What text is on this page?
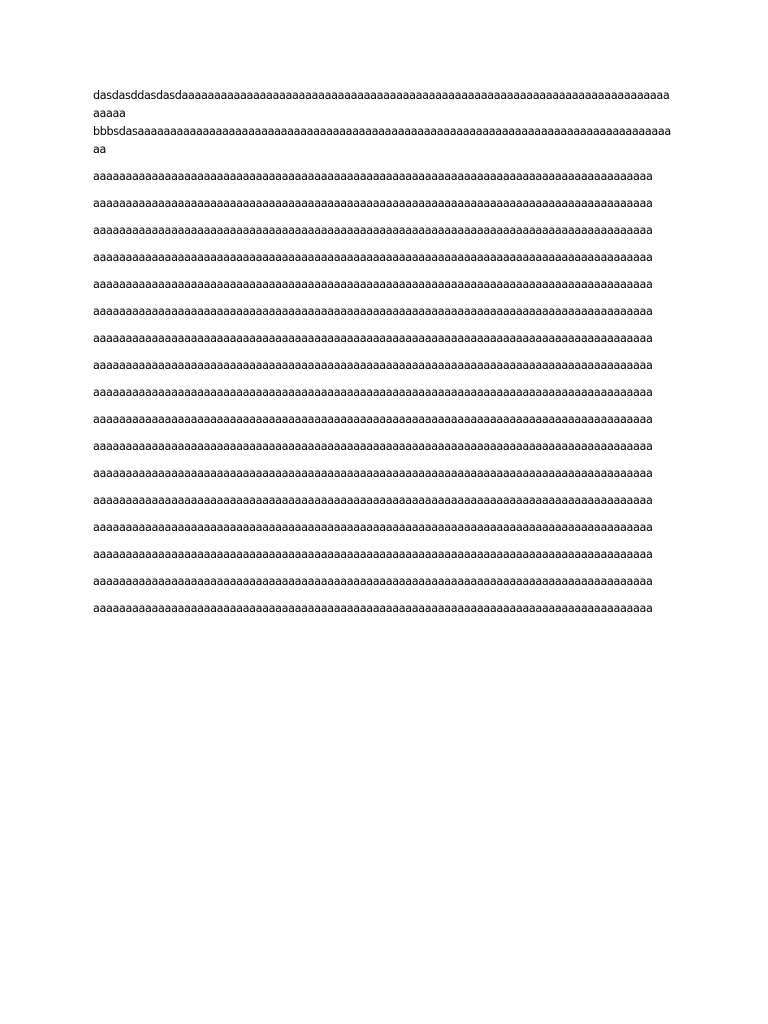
dasdasddasdasdaaaaaaaaaaaaaaaaaaaaaaaaaaaaaaaaaaaaaaaaaaaaaaaaaaaaaaaaaaaaaaaaaaaaaaaaaaaaaaaa

bbbsdasaaaaaaaaaaaaaaaaaaaaaaaaaaaaaaaaaaaaaaaaaaaaaaaaaaaaaaaaaaaaaaaaaaaaaaaaaaaaaaaaaaaa

aaaaaaaaaaaaaaaaaaaaaaaaaaaaaaaaaaaaaaaaaaaaaaaaaaaaaaaaaaaaaaaaaaaaaaaaaaaaaaaaaaaaaa

aaaaaaaaaaaaaaaaaaaaaaaaaaaaaaaaaaaaaaaaaaaaaaaaaaaaaaaaaaaaaaaaaaaaaaaaaaaaaaaaaaaaaa

aaaaaaaaaaaaaaaaaaaaaaaaaaaaaaaaaaaaaaaaaaaaaaaaaaaaaaaaaaaaaaaaaaaaaaaaaaaaaaaaaaaaaa

aaaaaaaaaaaaaaaaaaaaaaaaaaaaaaaaaaaaaaaaaaaaaaaaaaaaaaaaaaaaaaaaaaaaaaaaaaaaaaaaaaaaaa

aaaaaaaaaaaaaaaaaaaaaaaaaaaaaaaaaaaaaaaaaaaaaaaaaaaaaaaaaaaaaaaaaaaaaaaaaaaaaaaaaaaaaa

aaaaaaaaaaaaaaaaaaaaaaaaaaaaaaaaaaaaaaaaaaaaaaaaaaaaaaaaaaaaaaaaaaaaaaaaaaaaaaaaaaaaaa

aaaaaaaaaaaaaaaaaaaaaaaaaaaaaaaaaaaaaaaaaaaaaaaaaaaaaaaaaaaaaaaaaaaaaaaaaaaaaaaaaaaaaa

aaaaaaaaaaaaaaaaaaaaaaaaaaaaaaaaaaaaaaaaaaaaaaaaaaaaaaaaaaaaaaaaaaaaaaaaaaaaaaaaaaaaaa

aaaaaaaaaaaaaaaaaaaaaaaaaaaaaaaaaaaaaaaaaaaaaaaaaaaaaaaaaaaaaaaaaaaaaaaaaaaaaaaaaaaaaa

aaaaaaaaaaaaaaaaaaaaaaaaaaaaaaaaaaaaaaaaaaaaaaaaaaaaaaaaaaaaaaaaaaaaaaaaaaaaaaaaaaaaaa

aaaaaaaaaaaaaaaaaaaaaaaaaaaaaaaaaaaaaaaaaaaaaaaaaaaaaaaaaaaaaaaaaaaaaaaaaaaaaaaaaaaaaa

aaaaaaaaaaaaaaaaaaaaaaaaaaaaaaaaaaaaaaaaaaaaaaaaaaaaaaaaaaaaaaaaaaaaaaaaaaaaaaaaaaaaaa

aaaaaaaaaaaaaaaaaaaaaaaaaaaaaaaaaaaaaaaaaaaaaaaaaaaaaaaaaaaaaaaaaaaaaaaaaaaaaaaaaaaaaa

aaaaaaaaaaaaaaaaaaaaaaaaaaaaaaaaaaaaaaaaaaaaaaaaaaaaaaaaaaaaaaaaaaaaaaaaaaaaaaaaaaaaaa

aaaaaaaaaaaaaaaaaaaaaaaaaaaaaaaaaaaaaaaaaaaaaaaaaaaaaaaaaaaaaaaaaaaaaaaaaaaaaaaaaaaaaa

aaaaaaaaaaaaaaaaaaaaaaaaaaaaaaaaaaaaaaaaaaaaaaaaaaaaaaaaaaaaaaaaaaaaaaaaaaaaaaaaaaaaaa

aaaaaaaaaaaaaaaaaaaaaaaaaaaaaaaaaaaaaaaaaaaaaaaaaaaaaaaaaaaaaaaaaaaaaaaaaaaaaaaaaaaaaa
